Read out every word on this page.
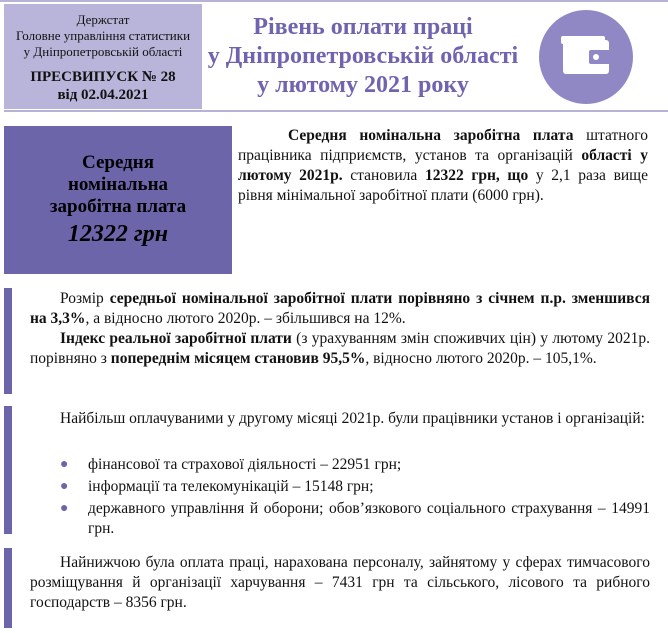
Держстат
Головне управління статистики
у Дніпропетровській області
ПРЕСВИПУСК № 28
від 02.04.2021
Рівень оплати праці
у Дніпропетровській області
у лютому 2021 року
Середня
номінальна
заробітна плата
12322 грн
Середня номінальна заробітна плата штатного працівника підприємств, установ та організацій області у лютому 2021р. становила 12322 грн, що у 2,1 раза вище рівня мінімальної заробітної плати (6000 грн).
Розмір середньої номінальної заробітної плати порівняно з січнем п.р. зменшився на 3,3%, а відносно лютого 2020р. – збільшився на 12%.
Індекс реальної заробітної плати (з урахуванням змін споживчих цін) у лютому 2021р. порівняно з попереднім місяцем становив 95,5%, відносно лютого 2020р. – 105,1%.
Найбільш оплачуваними у другому місяці 2021р. були працівники установ і організацій:
● фінансової та страхової діяльності – 22951 грн;
● інформації та телекомунікацій – 15148 грн;
● державного управління й оборони; обов’язкового соціального страхування – 14991 грн.
Найнижчою була оплата праці, нарахована персоналу, зайнятому у сферах тимчасового розміщування й організації харчування – 7431 грн та сільського, лісового та рибного господарств – 8356 грн.
